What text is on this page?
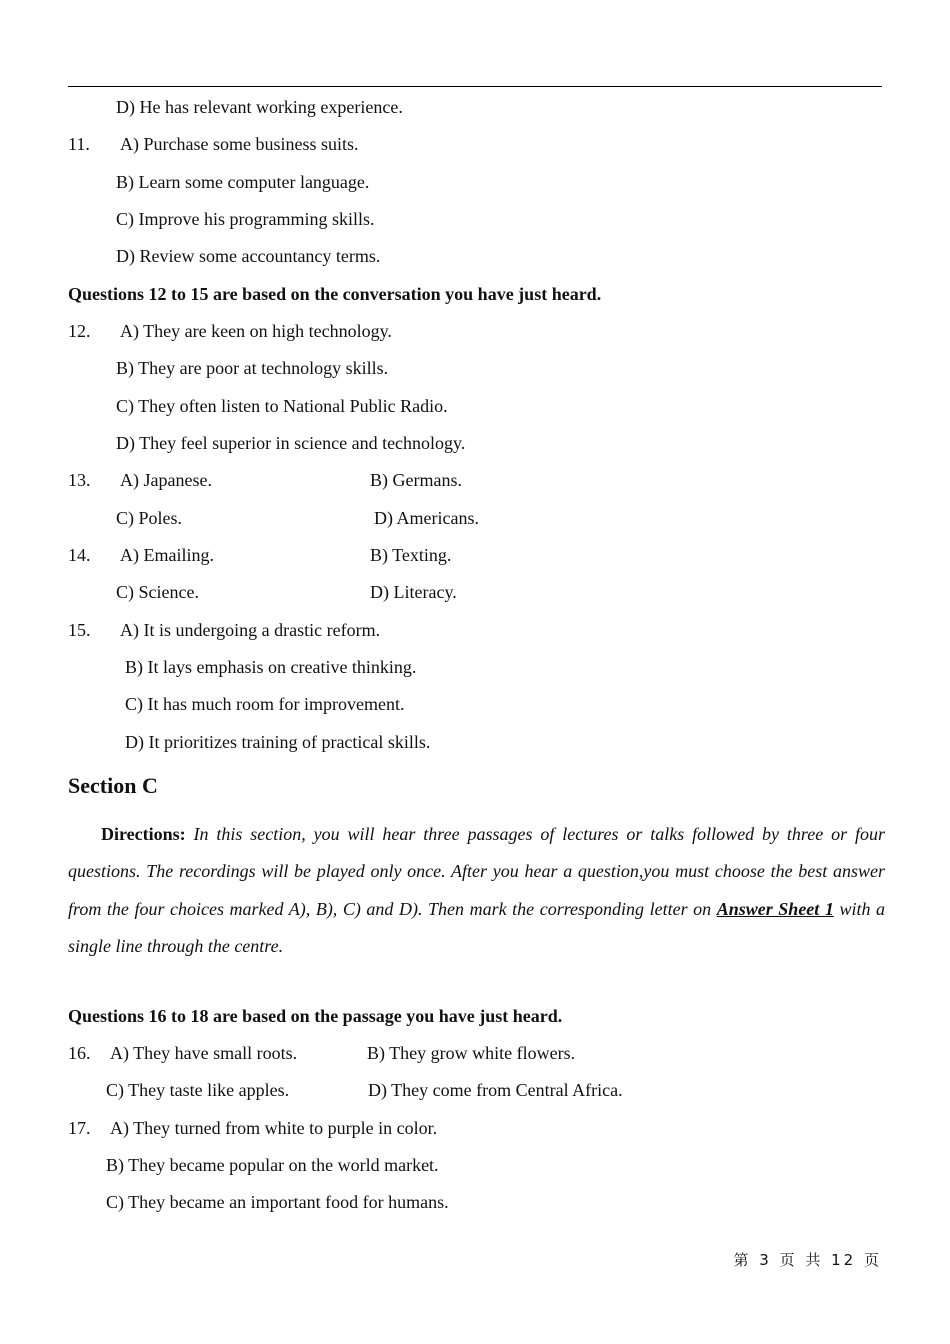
D) He has relevant working experience.
11. A) Purchase some business suits.
B) Learn some computer language.
C) Improve his programming skills.
D) Review some accountancy terms.
Questions 12 to 15 are based on the conversation you have just heard.
12. A) They are keen on high technology.
B) They are poor at technology skills.
C) They often listen to National Public Radio.
D) They feel superior in science and technology.
13. A) Japanese.	B) Germans.
C) Poles.	D) Americans.
14. A) Emailing.	B) Texting.
C) Science.	D) Literacy.
15. A) It is undergoing a drastic reform.
B) It lays emphasis on creative thinking.
C) It has much room for improvement.
D) It prioritizes training of practical skills.
Section C
Directions: In this section, you will hear three passages of lectures or talks followed by three or four questions. The recordings will be played only once. After you hear a question,you must choose the best answer from the four choices marked A), B), C) and D). Then mark the corresponding letter on Answer Sheet 1 with a single line through the centre.
Questions 16 to 18 are based on the passage you have just heard.
16. A) They have small roots.	B) They grow white flowers.
C) They taste like apples.	D) They come from Central Africa.
17. A) They turned from white to purple in color.
B) They became popular on the world market.
C) They became an important food for humans.
第 3 页 共 12 页
